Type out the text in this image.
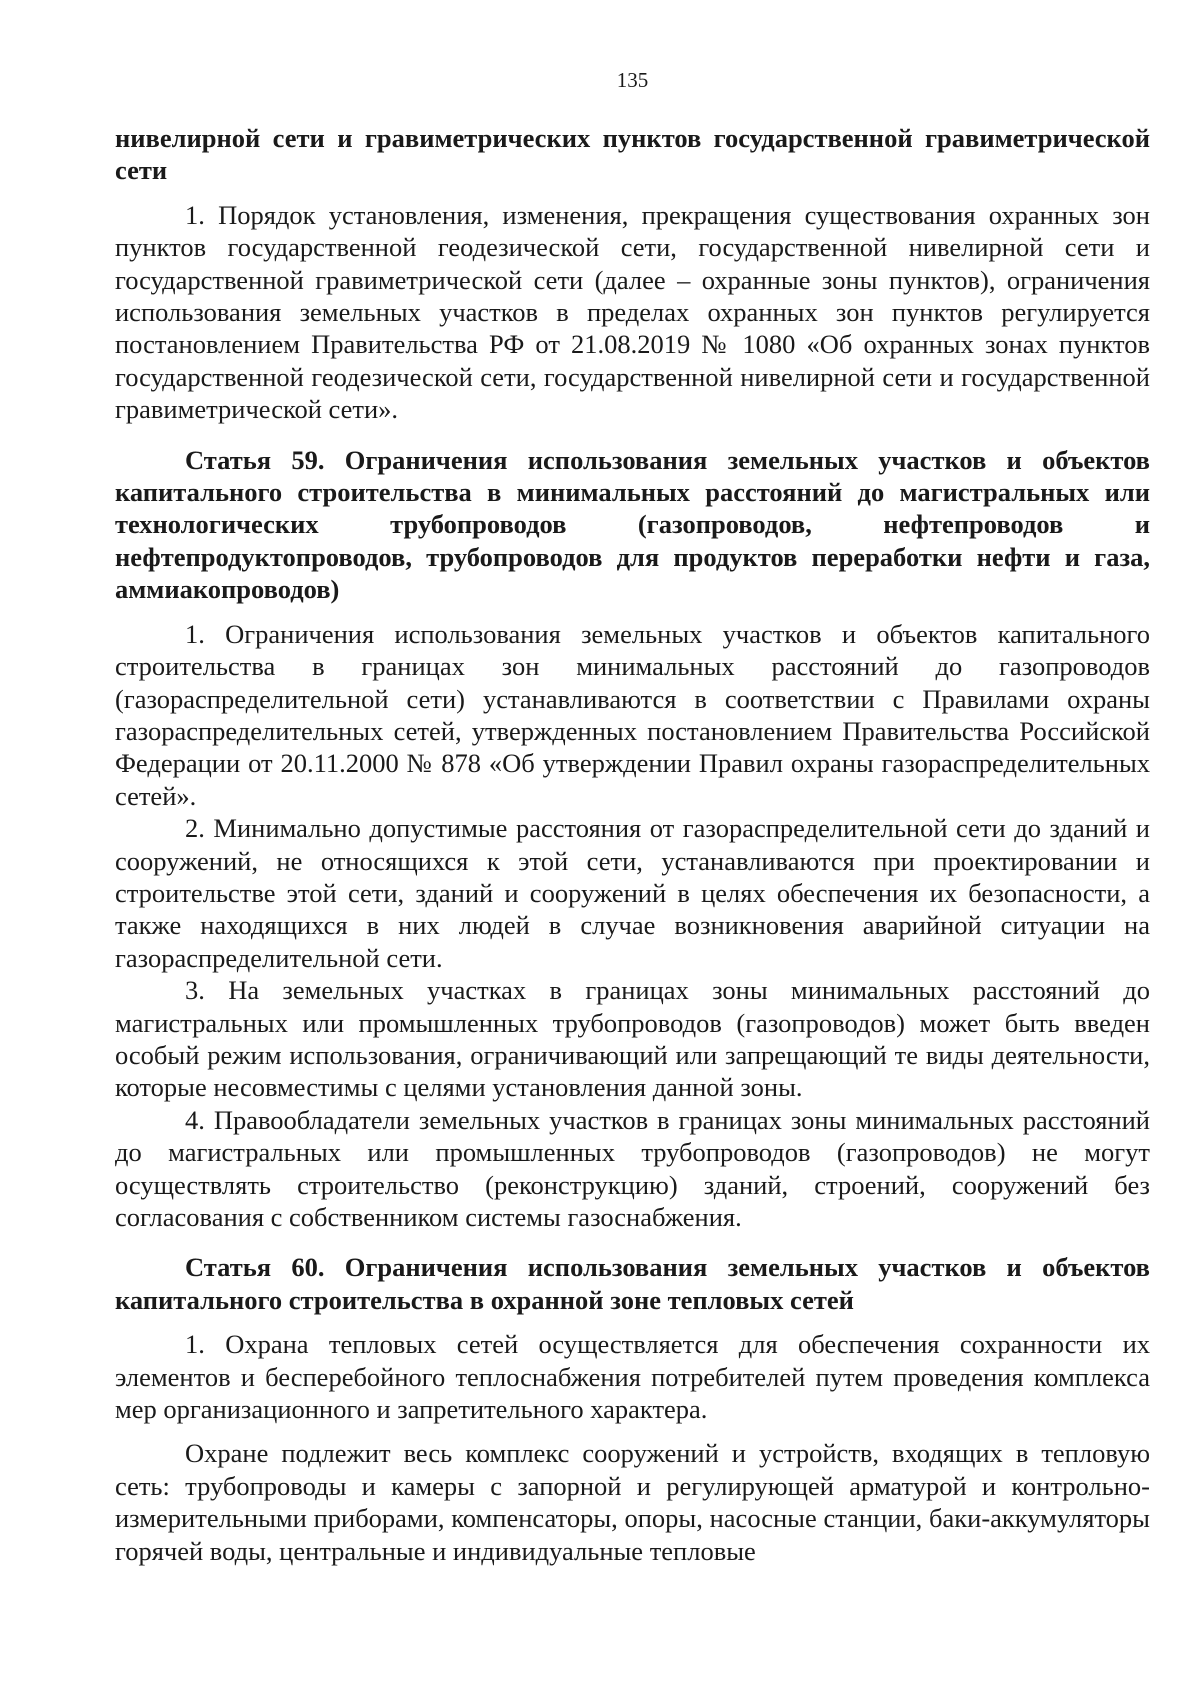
135

нивелирной сети и гравиметрических пунктов государственной гравиметрической сети

1. Порядок установления, изменения, прекращения существования охранных зон пунктов государственной геодезической сети, государственной нивелирной сети и государственной гравиметрической сети (далее – охранные зоны пунктов), ограничения использования земельных участков в пределах охранных зон пунктов регулируется постановлением Правительства РФ от 21.08.2019 № 1080 «Об охранных зонах пунктов государственной геодезической сети, государственной нивелирной сети и государственной гравиметрической сети».

Статья 59. Ограничения использования земельных участков и объектов капитального строительства в минимальных расстояний до магистральных или технологических трубопроводов (газопроводов, нефтепроводов и нефтепродуктопроводов, трубопроводов для продуктов переработки нефти и газа, аммиакопроводов)

1. Ограничения использования земельных участков и объектов капитального строительства в границах зон минимальных расстояний до газопроводов (газораспределительной сети) устанавливаются в соответствии с Правилами охраны газораспределительных сетей, утвержденных постановлением Правительства Российской Федерации от 20.11.2000 № 878 «Об утверждении Правил охраны газораспределительных сетей».

2. Минимально допустимые расстояния от газораспределительной сети до зданий и сооружений, не относящихся к этой сети, устанавливаются при проектировании и строительстве этой сети, зданий и сооружений в целях обеспечения их безопасности, а также находящихся в них людей в случае возникновения аварийной ситуации на газораспределительной сети.

3. На земельных участках в границах зоны минимальных расстояний до магистральных или промышленных трубопроводов (газопроводов) может быть введен особый режим использования, ограничивающий или запрещающий те виды деятельности, которые несовместимы с целями установления данной зоны.

4. Правообладатели земельных участков в границах зоны минимальных расстояний до магистральных или промышленных трубопроводов (газопроводов) не могут осуществлять строительство (реконструкцию) зданий, строений, сооружений без согласования с собственником системы газоснабжения.

Статья 60. Ограничения использования земельных участков и объектов капитального строительства в охранной зоне тепловых сетей

1. Охрана тепловых сетей осуществляется для обеспечения сохранности их элементов и бесперебойного теплоснабжения потребителей путем проведения комплекса мер организационного и запретительного характера.

Охране подлежит весь комплекс сооружений и устройств, входящих в тепловую сеть: трубопроводы и камеры с запорной и регулирующей арматурой и контрольно-измерительными приборами, компенсаторы, опоры, насосные станции, баки-аккумуляторы горячей воды, центральные и индивидуальные тепловые
